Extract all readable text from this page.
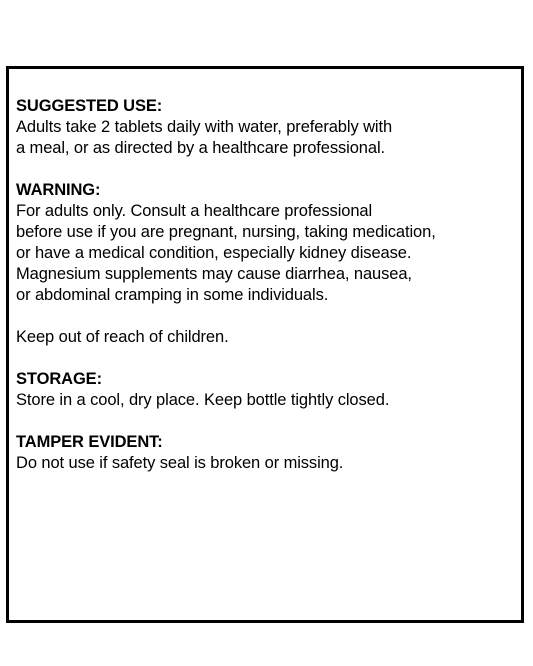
SUGGESTED USE:
Adults take 2 tablets daily with water, preferably with
a meal, or as directed by a healthcare professional.
WARNING:
For adults only. Consult a healthcare professional
before use if you are pregnant, nursing, taking medication,
or have a medical condition, especially kidney disease.
Magnesium supplements may cause diarrhea, nausea,
or abdominal cramping in some individuals.
Keep out of reach of children.
STORAGE:
Store in a cool, dry place. Keep bottle tightly closed.
TAMPER EVIDENT:
Do not use if safety seal is broken or missing.
